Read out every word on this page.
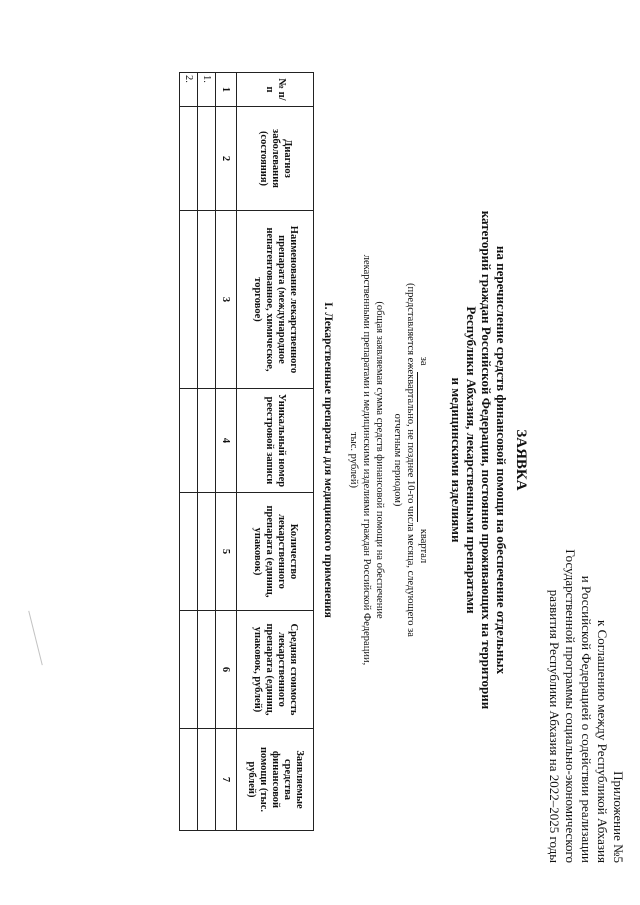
Приложение №5
к Соглашению между Республикой Абхазия
и Российской Федерацией о содействии реализации
Государственной программы социально-экономического
развития Республики Абхазия на 2022–2025 годы
ЗАЯВКА
на перечисление средств финансовой помощи на обеспечение отдельных
категорий граждан Российской Федерации, постоянно проживающих на территории
Республики Абхазия, лекарственными препаратами
и медицинскими изделиями
за  квартал
(представляется ежеквартально, не позднее 10-го числа месяца, следующего за
отчетным периодом)
(общая заявляемая сумма средств финансовой помощи на обеспечение
лекарственными препаратами и медицинскими изделиями граждан Российской Федерации,
тыс. рублей)
I. Лекарственные препараты для медицинского применения
№ п/п	Диагноз заболевания (состояния)	Наименование лекарственного препарата (международное непатентованное, химическое, торговое)	Уникальный номер реестровой записи	Количество лекарственного препарата (единиц, упаковок)	Средняя стоимость лекарственного препарата (единиц, упаковок, рублей)	Заявляемые средства финансовой помощи (тыс. рублей)
1	2	3	4	5	6	7
1.						
2.						
